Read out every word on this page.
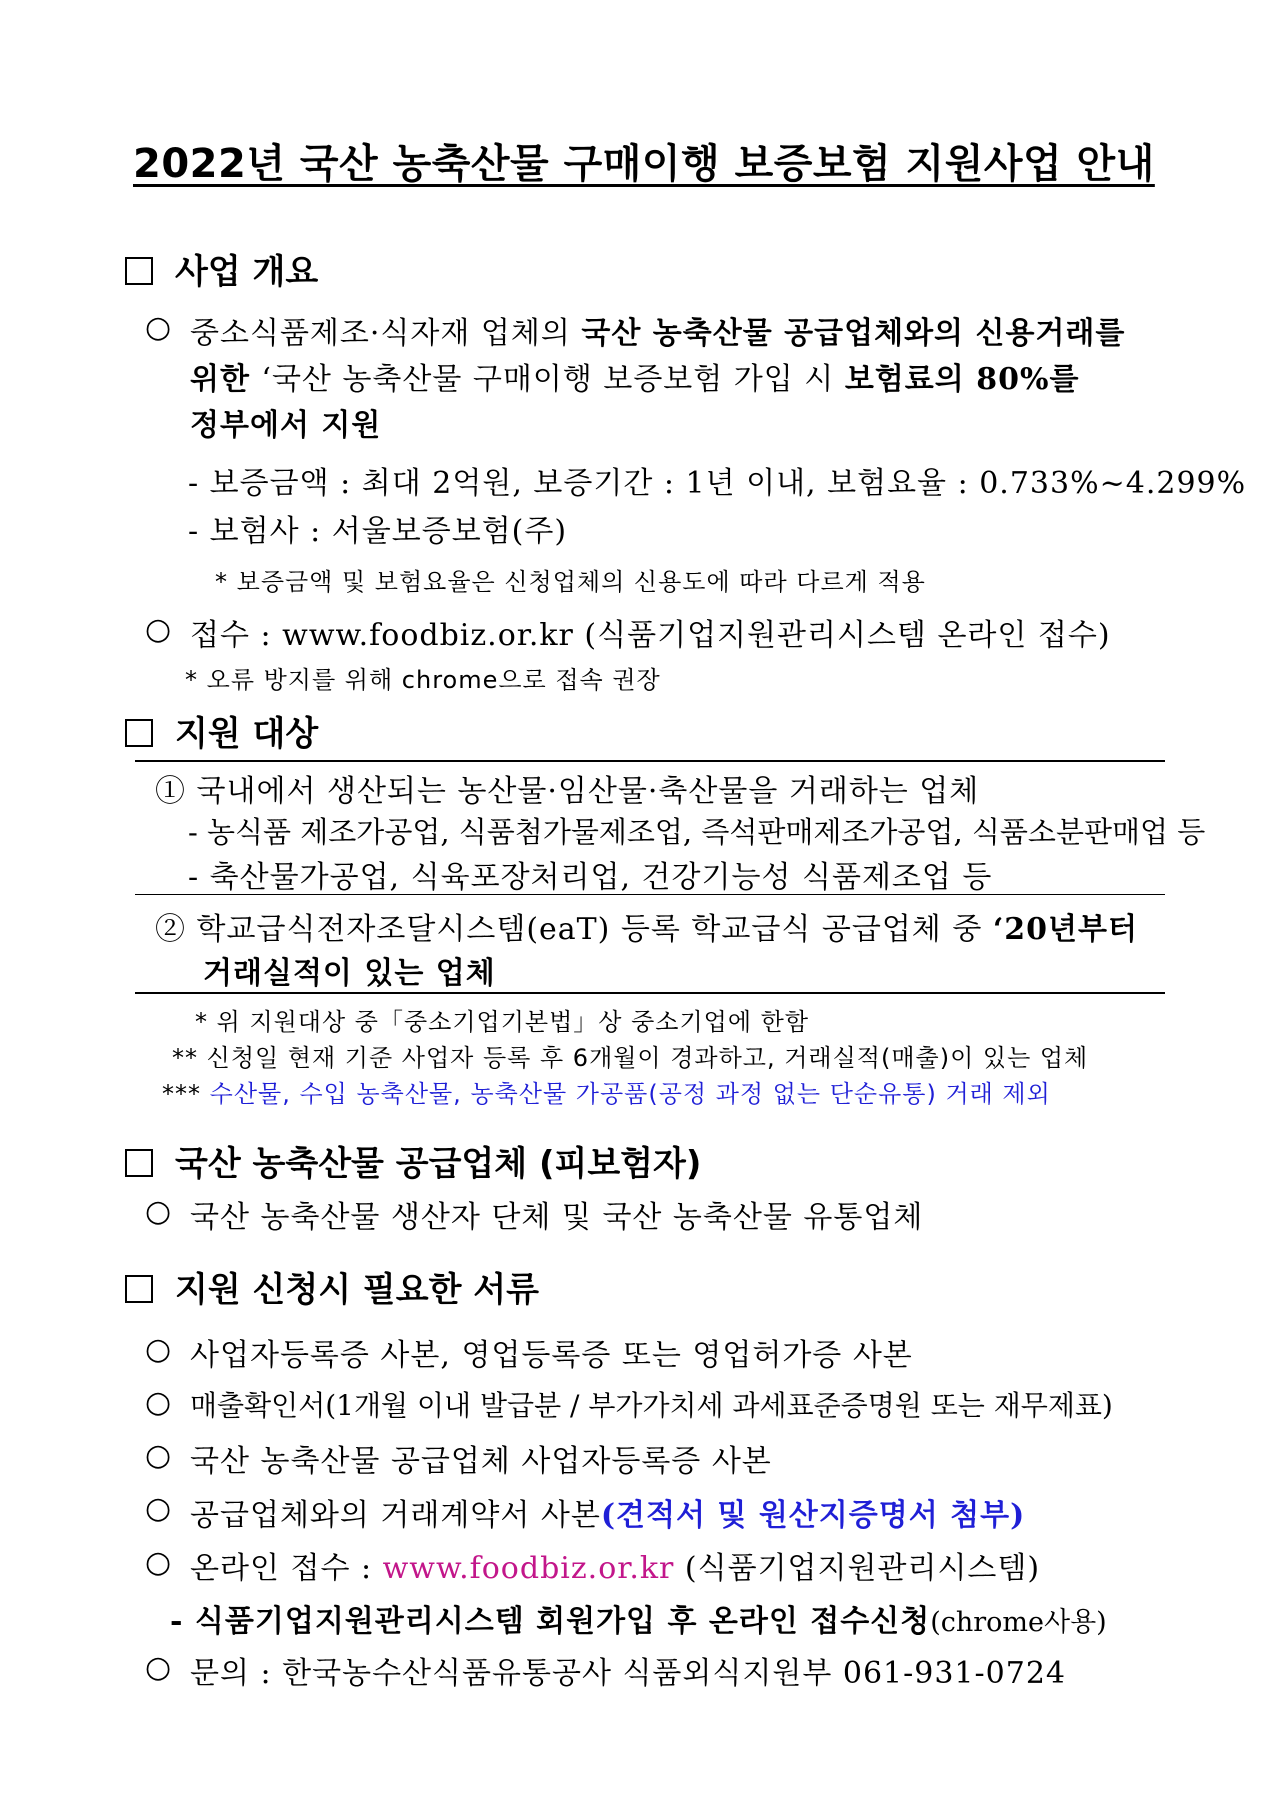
2022년 국산 농축산물 구매이행 보증보험 지원사업 안내
사업 개요
○ 중소식품제조·식자재 업체의 국산 농축산물 공급업체와의 신용거래를
위한 ‘국산 농축산물 구매이행 보증보험 가입 시 보험료의 80%를
정부에서 지원
- 보증금액 : 최대 2억원, 보증기간 : 1년 이내, 보험요율 : 0.733%~4.299%
- 보험사 : 서울보증보험(주)
* 보증금액 및 보험요율은 신청업체의 신용도에 따라 다르게 적용
○ 접수 : www.foodbiz.or.kr (식품기업지원관리시스템 온라인 접수)
* 오류 방지를 위해 chrome으로 접속 권장
지원 대상
① 국내에서 생산되는 농산물·임산물·축산물을 거래하는 업체
- 농식품 제조가공업, 식품첨가물제조업, 즉석판매제조가공업, 식품소분판매업 등
- 축산물가공업, 식육포장처리업, 건강기능성 식품제조업 등
② 학교급식전자조달시스템(eaT) 등록 학교급식 공급업체 중 ‘20년부터
거래실적이 있는 업체
* 위 지원대상 중「중소기업기본법」상 중소기업에 한함
** 신청일 현재 기준 사업자 등록 후 6개월이 경과하고, 거래실적(매출)이 있는 업체
*** 수산물, 수입 농축산물, 농축산물 가공품(공정 과정 없는 단순유통) 거래 제외
국산 농축산물 공급업체 (피보험자)
○ 국산 농축산물 생산자 단체 및 국산 농축산물 유통업체
지원 신청시 필요한 서류
○ 사업자등록증 사본, 영업등록증 또는 영업허가증 사본
○ 매출확인서(1개월 이내 발급분 / 부가가치세 과세표준증명원 또는 재무제표)
○ 국산 농축산물 공급업체 사업자등록증 사본
○ 공급업체와의 거래계약서 사본(견적서 및 원산지증명서 첨부)
○ 온라인 접수 : www.foodbiz.or.kr (식품기업지원관리시스템)
- 식품기업지원관리시스템 회원가입 후 온라인 접수신청(chrome사용)
○ 문의 : 한국농수산식품유통공사 식품외식지원부 061-931-0724
